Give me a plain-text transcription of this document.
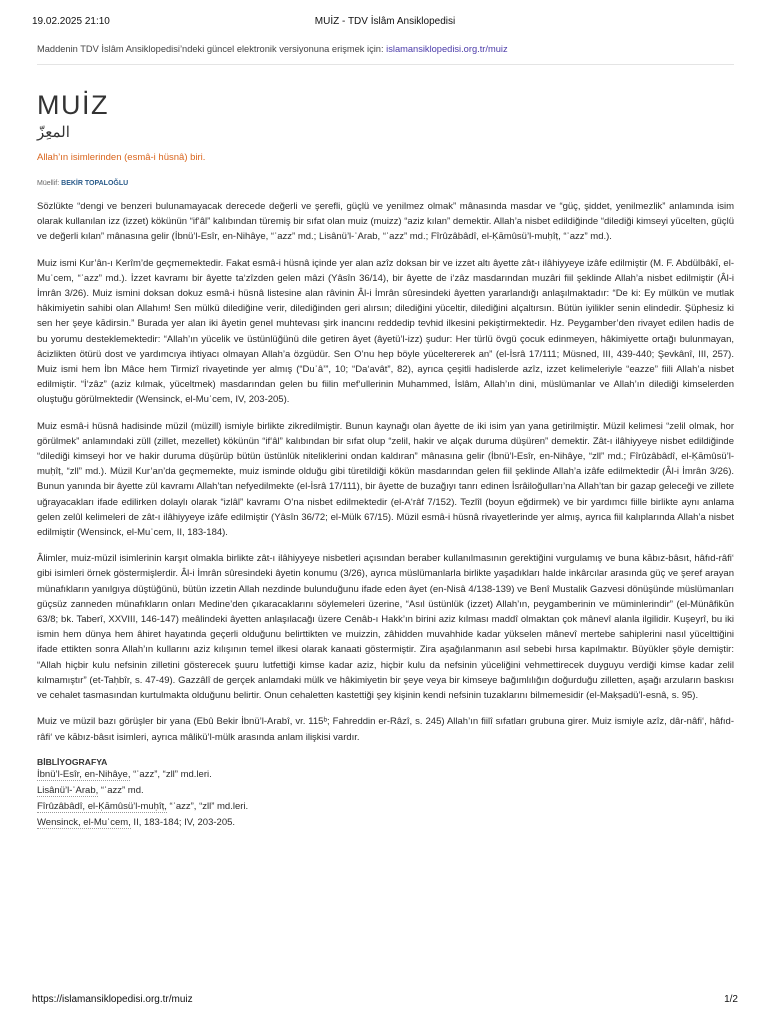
19.02.2025 21:10	MUİZ - TDV İslâm Ansiklopedisi
Maddenin TDV İslâm Ansiklopedisi’ndeki güncel elektronik versiyonuna erişmek için: islamansiklopedisi.org.tr/muiz
MUİZ
المعِزّ
Allah’ın isimlerinden (esmâ-i hüsnâ) biri.
Müellif: BEKİR TOPALOĞLU

Sözlükte “dengi ve benzeri bulunamayacak derecede değerli ve şerefli, güçlü ve yenilmez olmak” mânasında masdar ve “güç, şiddet, yenilmezlik” anlamında isim olarak kullanılan izz (izzet) kökünün “if‘âl” kalıbından türemiş bir sıfat olan muiz (muizz) “aziz kılan” demektir. Allah’a nisbet edildiğinde “dilediği kimseyi yücelten, güçlü ve değerli kılan” mânasına gelir (İbnü’l-Esîr, en-Nihâye, “ʿazz” md.; Lisânü’l-ʿArab, “ʿazz” md.; Fîrûzâbâdî, el-Ḳāmûsü’l-muḥîṭ, “ʿazz” md.).

Muiz ismi Kur’ân-ı Kerîm’de geçmemektedir. Fakat esmâ-i hüsnâ içinde yer alan azîz doksan bir ve izzet altı âyette zât-ı ilâhiyyeye izâfe edilmiştir (M. F. Abdülbâkī, el-Muʿcem, “ʿazz” md.). İzzet kavramı bir âyette ta‘zîzden gelen mâzi (Yâsîn 36/14), bir âyette de i‘zâz masdarından muzâri fiil şeklinde Allah’a nisbet edilmiştir (Âl-i İmrân 3/26). Muiz ismini doksan dokuz esmâ-i hüsnâ listesine alan râvinin Âl-i İmrân sûresindeki âyetten yararlandığı anlaşılmaktadır: “De ki: Ey mülkün ve mutlak hâkimiyetin sahibi olan Allahım! Sen mülkü dilediğine verir, dilediğinden geri alırsın; dilediğini yüceltir, dilediğini alçaltırsın. Bütün iyilikler senin elindedir. Şüphesiz ki sen her şeye kādirsin.” Burada yer alan iki âyetin genel muhtevası şirk inancını reddedip tevhid ilkesini pekiştirmektedir. Hz. Peygamber’den rivayet edilen hadis de bu yorumu desteklemektedir: “Allah’ın yücelik ve üstünlüğünü dile getiren âyet (âyetü’l-izz) şudur: Her türlü övgü çocuk edinmeyen, hâkimiyette ortağı bulunmayan, âcizlikten ötürü dost ve yardımcıya ihtiyacı olmayan Allah’a özgüdür. Sen O’nu hep böyle yüceltererek an” (el-İsrâ 17/111; Müsned, III, 439-440; Şevkânî, III, 257). Muiz ismi hem İbn Mâce hem Tirmizî rivayetinde yer almış (“Duʿâ’”, 10; “Da‘avât”, 82), ayrıca çeşitli hadislerde azîz, izzet kelimeleriyle “eazze” fiili Allah’a nisbet edilmiştir. “İ‘zâz” (aziz kılmak, yüceltmek) masdarından gelen bu fiilin mef‘ullerinin Muhammed, İslâm, Allah’ın dini, müslümanlar ve Allah’ın dilediği kimselerden oluştuğu görülmektedir (Wensinck, el-Muʿcem, IV, 203-205).

Muiz esmâ-i hüsnâ hadisinde müzil (müzill) ismiyle birlikte zikredilmiştir. Bunun kaynağı olan âyette de iki isim yan yana getirilmiştir. Müzil kelimesi “zelil olmak, hor görülmek” anlamındaki züll (zillet, mezellet) kökünün “if‘âl” kalıbından bir sıfat olup “zelil, hakir ve alçak duruma düşüren” demektir. Zât-ı ilâhiyyeye nisbet edildiğinde “dilediği kimseyi hor ve hakir duruma düşürüp bütün üstünlük niteliklerini ondan kaldıran” mânasına gelir (İbnü’l-Esîr, en-Nihâye, “zll” md.; Fîrûzâbâdî, el-Ḳāmûsü’l-muḥîṭ, “zll” md.). Müzil Kur’an’da geçmemekte, muiz isminde olduğu gibi türetildiği kökün masdarından gelen fiil şeklinde Allah’a izâfe edilmektedir (Âl-i İmrân 3/26). Bunun yanında bir âyette zül kavramı Allah’tan nefyedilmekte (el-İsrâ 17/111), bir âyette de buzağıyı tanrı edinen İsrâiloğulları’na Allah’tan bir gazap geleceği ve zillete uğrayacakları ifade edilirken dolaylı olarak “izlâl” kavramı O’na nisbet edilmektedir (el-A‘râf 7/152). Tezlîl (boyun eğdirmek) ve bir yardımcı fiille birlikte aynı anlama gelen zelûl kelimeleri de zât-ı ilâhiyyeye izâfe edilmiştir (Yâsîn 36/72; el-Mülk 67/15). Müzil esmâ-i hüsnâ rivayetlerinde yer almış, ayrıca fiil kalıplarında Allah’a nisbet edilmiştir (Wensinck, el-Muʿcem, II, 183-184).

Âlimler, muiz-müzil isimlerinin karşıt olmakla birlikte zât-ı ilâhiyyeye nisbetleri açısından beraber kullanılmasının gerektiğini vurgulamış ve buna kābız-bâsıt, hâfıd-râfi‘ gibi isimleri örnek göstermişlerdir. Âl-i İmrân sûresindeki âyetin konumu (3/26), ayrıca müslümanlarla birlikte yaşadıkları halde inkârcılar arasında güç ve şeref arayan münafıkların yanılgıya düştüğünü, bütün izzetin Allah nezdinde bulunduğunu ifade eden âyet (en-Nisâ 4/138-139) ve Benî Mustalik Gazvesi dönüşünde müslümanları güçsüz zanneden münafıkların onları Medine’den çıkaracaklarını söylemeleri üzerine, “Asıl üstünlük (izzet) Allah’ın, peygamberinin ve müminlerindir” (el-Münâfikūn 63/8; bk. Taberî, XXVIII, 146-147) meâlindeki âyetten anlaşılacağı üzere Cenâb-ı Hakk’ın birini aziz kılması maddî olmaktan çok mânevî alanla ilgilidir. Kuşeyrî, bu iki ismin hem dünya hem âhiret hayatında geçerli olduğunu belirttikten ve muizzin, zâhidden muvahhide kadar yükselen mânevî mertebe sahiplerini nasıl yücelttiğini ifade ettikten sonra Allah’ın kullarını aziz kılışının temel ilkesi olarak kanaati göstermiştir. Zira aşağılanmanın asıl sebebi hırsa kapılmaktır. Büyükler şöyle demiştir: “Allah hiçbir kulu nefsinin zilletini gösterecek şuuru lutfettiği kimse kadar aziz, hiçbir kulu da nefsinin yüceliğini vehmettirecek duyguyu verdiği kimse kadar zelil kılmamıştır” (et-Taḥbîr, s. 47-49). Gazzâlî de gerçek anlamdaki mülk ve hâkimiyetin bir şeye veya bir kimseye bağımlılığın doğurduğu zilletten, aşağı arzuların baskısı ve cehalet tasmasından kurtulmakta olduğunu belirtir. Onun cehaletten kastettiği şey kişinin kendi nefsinin tuzaklarını bilmemesidir (el-Maḳṣadü’l-esnâ, s. 95).

Muiz ve müzil bazı görüşler bir yana (Ebû Bekir İbnü’l-Arabî, vr. 115ᵇ; Fahreddin er-Râzî, s. 245) Allah’ın fiilî sıfatları grubuna girer. Muiz ismiyle azîz, dâr-nâfi‘, hâfıd-râfi‘ ve kābız-bâsıt isimleri, ayrıca mâlikü’l-mülk arasında anlam ilişkisi vardır.

BİBLİYOGRAFYA
İbnü’l-Esîr, en-Nihâye, “ʿazz”, “zll” md.leri.
Lisânü’l-ʿArab, “ʿazz” md.
Fîrûzâbâdî, el-Ḳāmûsü’l-muḥîṭ, “ʿazz”, “zll” md.leri.
Wensinck, el-Muʿcem, II, 183-184; IV, 203-205.
https://islamansiklopedisi.org.tr/muiz	1/2
